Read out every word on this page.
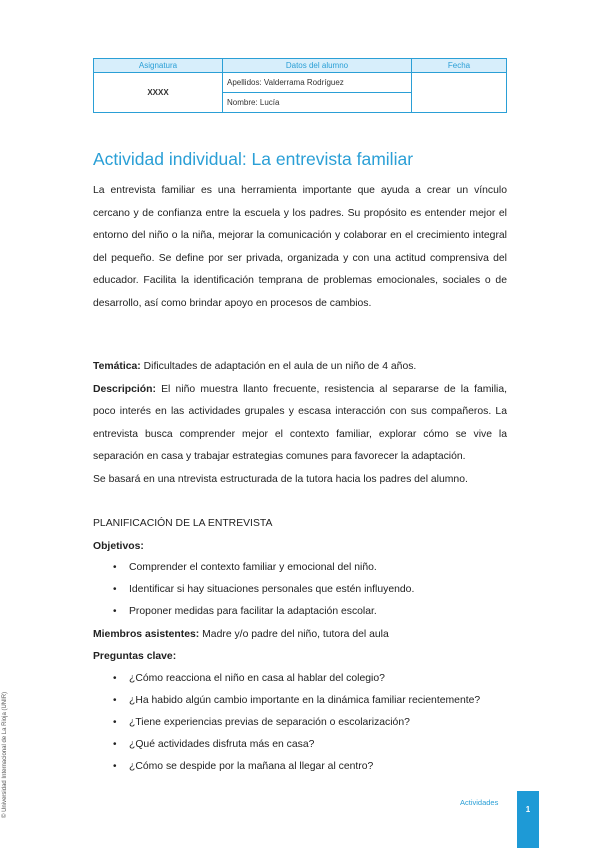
Asignatura	Datos del alumno	Fecha
XXXX	Apellidos: Valderrama Rodríguez	
	Nombre: Lucía	
Actividad individual: La entrevista familiar
La entrevista familiar es una herramienta importante que ayuda a crear un vínculo cercano y de confianza entre la escuela y los padres. Su propósito es entender mejor el entorno del niño o la niña, mejorar la comunicación y colaborar en el crecimiento integral del pequeño. Se define por ser privada, organizada y con una actitud comprensiva del educador. Facilita la identificación temprana de problemas emocionales, sociales o de desarrollo, así como brindar apoyo en procesos de cambios.
Temática: Dificultades de adaptación en el aula de un niño de 4 años.
Descripción: El niño muestra llanto frecuente, resistencia al separarse de la familia, poco interés en las actividades grupales y escasa interacción con sus compañeros. La entrevista busca comprender mejor el contexto familiar, explorar cómo se vive la separación en casa y trabajar estrategias comunes para favorecer la adaptación.
Se basará en una ntrevista estructurada de la tutora hacia los padres del alumno.
PLANIFICACIÓN DE LA ENTREVISTA
Objetivos:
• Comprender el contexto familiar y emocional del niño.
• Identificar si hay situaciones personales que estén influyendo.
• Proponer medidas para facilitar la adaptación escolar.
Miembros asistentes: Madre y/o padre del niño, tutora del aula
Preguntas clave:
• ¿Cómo reacciona el niño en casa al hablar del colegio?
• ¿Ha habido algún cambio importante en la dinámica familiar recientemente?
• ¿Tiene experiencias previas de separación o escolarización?
• ¿Qué actividades disfruta más en casa?
• ¿Cómo se despide por la mañana al llegar al centro?
Actividades
1
© Universidad Internacional de La Rioja (UNIR)
